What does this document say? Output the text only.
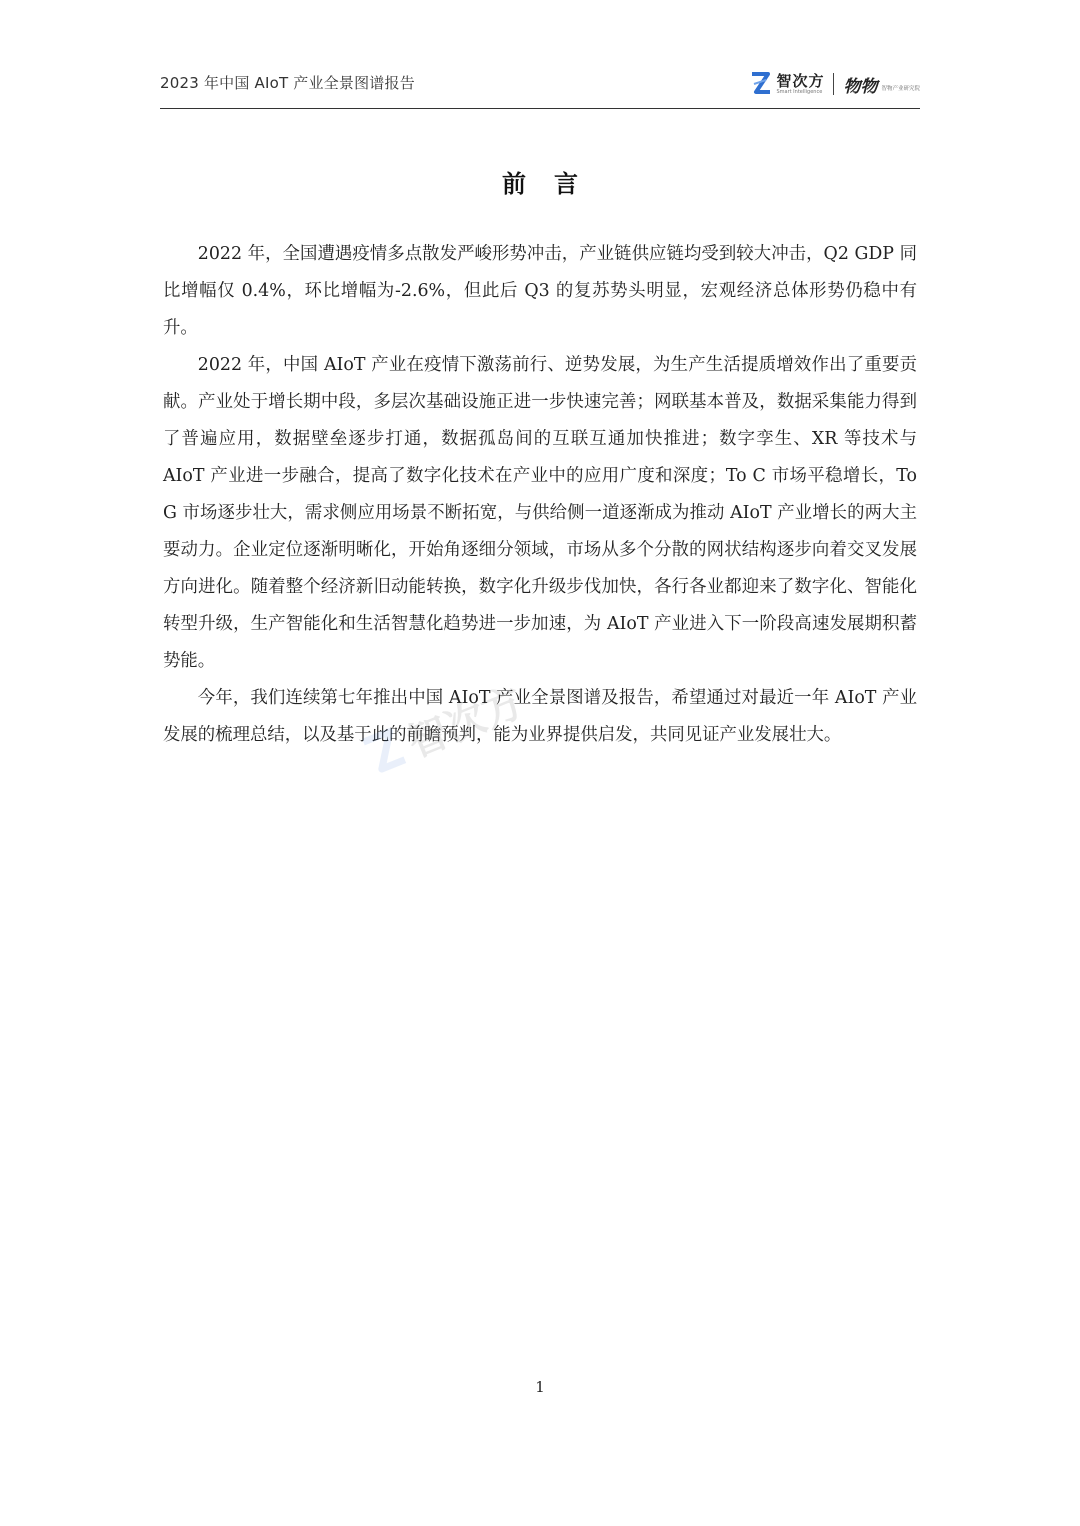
2023 年中国 AIoT 产业全景图谱报告	智次方
Smart Intelligence 物物 智物产业研究院
前言

2022 年，全国遭遇疫情多点散发严峻形势冲击，产业链供应链均受到较大冲击，Q2 GDP 同比增幅仅 0.4%，环比增幅为-2.6%，但此后 Q3 的复苏势头明显，宏观经济总体形势仍稳中有升。

2022 年，中国 AIoT 产业在疫情下激荡前行、逆势发展，为生产生活提质增效作出了重要贡献。产业处于增长期中段，多层次基础设施正进一步快速完善；网联基本普及，数据采集能力得到了普遍应用，数据壁垒逐步打通，数据孤岛间的互联互通加快推进；数字孪生、XR 等技术与 AIoT 产业进一步融合，提高了数字化技术在产业中的应用广度和深度；To C 市场平稳增长，To G 市场逐步壮大，需求侧应用场景不断拓宽，与供给侧一道逐渐成为推动 AIoT 产业增长的两大主要动力。企业定位逐渐明晰化，开始角逐细分领域，市场从多个分散的网状结构逐步向着交叉发展方向进化。随着整个经济新旧动能转换，数字化升级步伐加快，各行各业都迎来了数字化、智能化转型升级，生产智能化和生活智慧化趋势进一步加速，为 AIoT 产业进入下一阶段高速发展期积蓄势能。

今年，我们连续第七年推出中国 AIoT 产业全景图谱及报告，希望通过对最近一年 AIoT 产业发展的梳理总结，以及基于此的前瞻预判，能为业界提供启发，共同见证产业发展壮大。

智次方
1
